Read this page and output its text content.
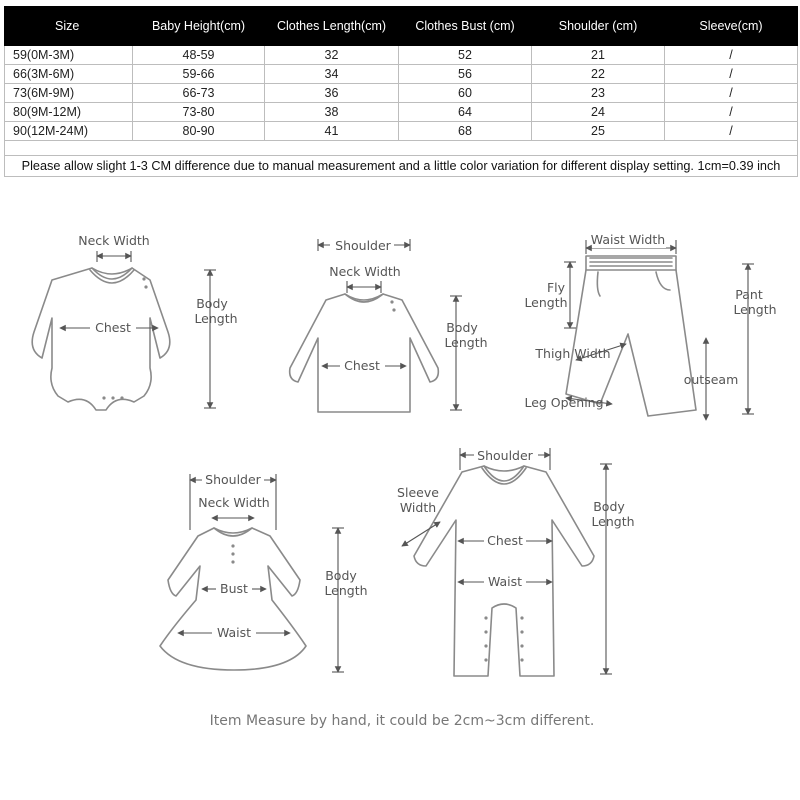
Size	Baby Height(cm)	Clothes Length(cm)	Clothes Bust (cm)	Shoulder (cm)	Sleeve(cm)
59(0M-3M)	48-59	32	52	21	/
66(3M-6M)	59-66	34	56	22	/
73(6M-9M)	66-73	36	60	23	/
80(9M-12M)	73-80	38	64	24	/
90(12M-24M)	80-90	41	68	25	/

Please allow slight 1-3 CM difference due to manual measurement and a little color variation for different display setting. 1cm=0.39 inch					
Neck Width
Chest
Body
Length
Shoulder
Neck Width
Chest
Body
Length
Waist Width
Fly
Length
Thigh Width
Leg Opening
outseam
Pant
Length
Shoulder
Neck Width
Bust
Waist
Body
Length
Shoulder
Sleeve
Width
Chest
Waist
Body
Length
Item Measure by hand, it could be 2cm~3cm different.
